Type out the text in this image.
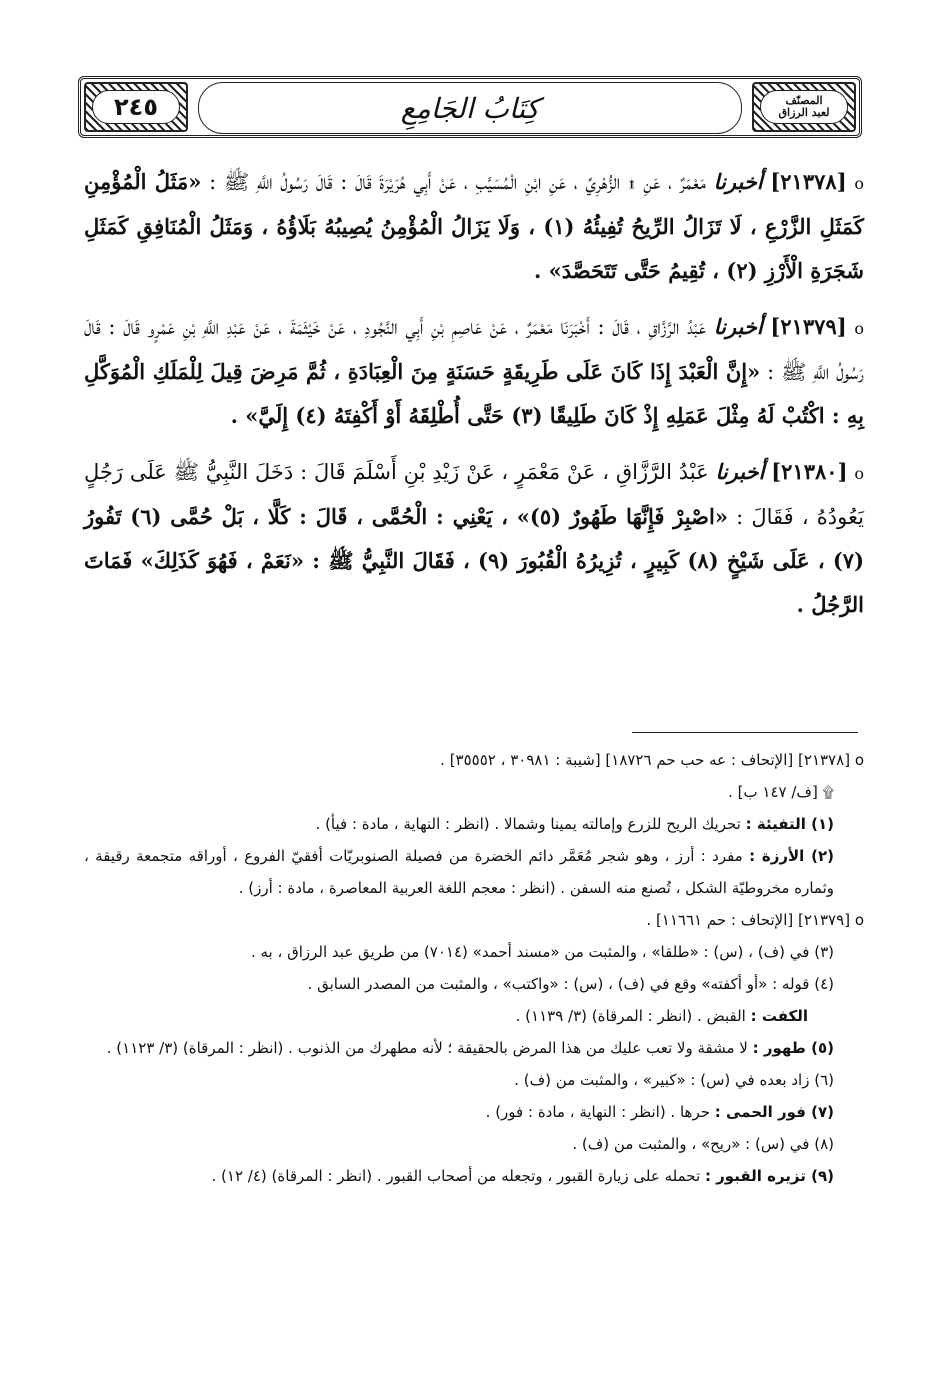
المصنّف
لعبد الرزاق
كِتَابُ الجَامِعِ
٢٤٥
o [٢١٣٧٨] أخبرنا مَعْمَرٌ ، عَنِ ۩ الزُّهْرِيِّ ، عَنِ ابْنِ الْمُسَيَّبِ ، عَنْ أَبِي هُرَيْرَةَ قَالَ : قَالَ رَسُولُ اللَّهِ ﷺ : «مَثَلُ الْمُؤْمِنِ كَمَثَلِ الزَّرْعِ ، لَا تَزَالُ الرِّيحُ تُفِيئُهُ (١) ، وَلَا يَزَالُ الْمُؤْمِنُ يُصِيبُهُ بَلَاؤُهُ ، وَمَثَلُ الْمُنَافِقِ كَمَثَلِ شَجَرَةِ الْأَرْزِ (٢) ، تُقِيمُ حَتَّى تَتَحَصَّدَ» .
o [٢١٣٧٩] أخبرنا عَبْدُ الرَّزَّاقِ ، قَالَ : أَخْبَرَنَا مَعْمَرٌ ، عَنْ عَاصِمِ بْنِ أَبِي النَّجُودِ ، عَنْ خَيْثَمَةَ ، عَنْ عَبْدِ اللَّهِ بْنِ عَمْرٍو قَالَ : قَالَ رَسُولُ اللَّهِ ﷺ : «إِنَّ الْعَبْدَ إِذَا كَانَ عَلَى طَرِيقَةٍ حَسَنَةٍ مِنَ الْعِبَادَةِ ، ثُمَّ مَرِضَ قِيلَ لِلْمَلَكِ الْمُوَكَّلِ بِهِ : اكْتُبْ لَهُ مِثْلَ عَمَلِهِ إِذْ كَانَ طَلِيقًا (٣) حَتَّى أُطْلِقَهُ أَوْ أَكْفِتَهُ (٤) إِلَيَّ» .
o [٢١٣٨٠] أخبرنا عَبْدُ الرَّزَّاقِ ، عَنْ مَعْمَرٍ ، عَنْ زَيْدِ بْنِ أَسْلَمَ قَالَ : دَخَلَ النَّبِيُّ ﷺ عَلَى رَجُلٍ يَعُودُهُ ، فَقَالَ : «اصْبِرْ فَإِنَّهَا طَهُورٌ (٥)» ، يَعْنِي : الْحُمَّى ، قَالَ : كَلَّا ، بَلْ حُمَّى (٦) تَفُورُ (٧) ، عَلَى شَيْخٍ (٨) كَبِيرٍ ، تُزِيرُهُ الْقُبُورَ (٩) ، فَقَالَ النَّبِيُّ ﷺ : «نَعَمْ ، فَهُوَ كَذَلِكَ» فَمَاتَ الرَّجُلُ .
o [٢١٣٧٨] [الإتحاف : عه حب حم ١٨٧٢٦] [شيبة : ٣٠٩٨١ ، ٣٥٥٥٢] .
۩ [ف/ ١٤٧ ب] .
(١) التفيئة : تحريك الريح للزرع وإمالته يمينا وشمالا . (انظر : النهاية ، مادة : فيأ) .
(٢) الأرزة : مفرد : أرز ، وهو شجر مُعَمَّر دائم الخضرة من فصيلة الصنوبريّات أفقيّ الفروع ، أوراقه متجمعة رقيقة ، وثماره مخروطيّة الشكل ، تُصنع منه السفن . (انظر : معجم اللغة العربية المعاصرة ، مادة : أرز) .
o [٢١٣٧٩] [الإتحاف : حم ١١٦٦١] .
(٣) في (ف) ، (س) : «طلقا» ، والمثبت من «مسند أحمد» (٧٠١٤) من طريق عبد الرزاق ، به .
(٤) قوله : «أو أكفته» وقع في (ف) ، (س) : «واكتب» ، والمثبت من المصدر السابق .
الكفت : القبض . (انظر : المرقاة) (٣/ ١١٣٩) .
(٥) طهور : لا مشقة ولا تعب عليك من هذا المرض بالحقيقة ؛ لأنه مطهرك من الذنوب . (انظر : المرقاة) (٣/ ١١٢٣) .
(٦) زاد بعده في (س) : «كبير» ، والمثبت من (ف) .
(٧) فور الحمى : حرها . (انظر : النهاية ، مادة : فور) .
(٨) في (س) : «ريح» ، والمثبت من (ف) .
(٩) تزيره القبور : تحمله على زيارة القبور ، وتجعله من أصحاب القبور . (انظر : المرقاة) (٤/ ١٢) .
